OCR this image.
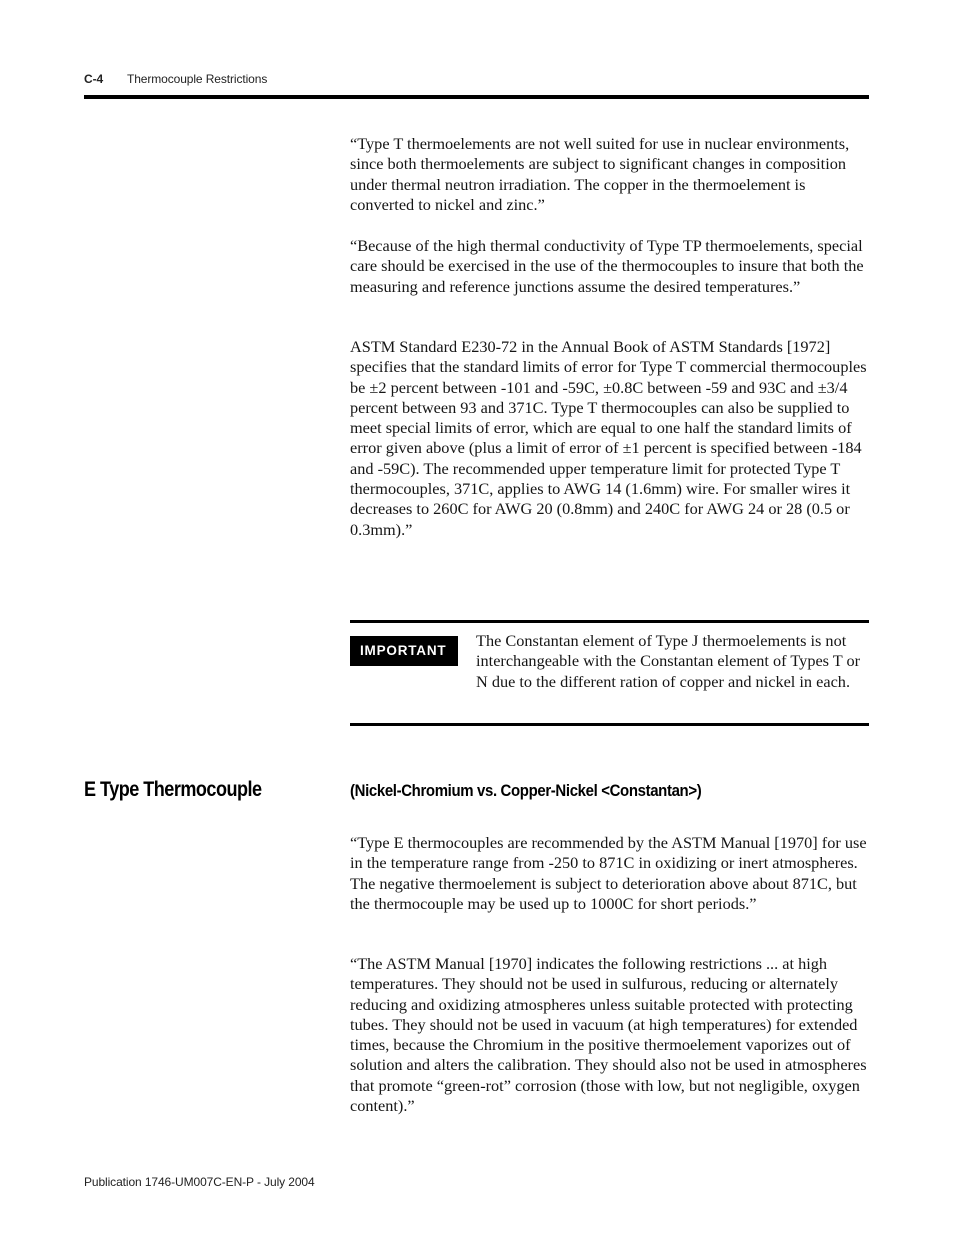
C-4 Thermocouple Restrictions

“Type T thermoelements are not well suited for use in nuclear environments, since both thermoelements are subject to significant changes in composition under thermal neutron irradiation. The copper in the thermoelement is converted to nickel and zinc.”

“Because of the high thermal conductivity of Type TP thermoelements, special care should be exercised in the use of the thermocouples to insure that both the measuring and reference junctions assume the desired temperatures.”

ASTM Standard E230-72 in the Annual Book of ASTM Standards [1972] specifies that the standard limits of error for Type T commercial thermocouples be ±2 percent between -101 and -59C, ±0.8C between -59 and 93C and ±3/4 percent between 93 and 371C. Type T thermocouples can also be supplied to meet special limits of error, which are equal to one half the standard limits of error given above (plus a limit of error of ±1 percent is specified between -184 and -59C). The recommended upper temperature limit for protected Type T thermocouples, 371C, applies to AWG 14 (1.6mm) wire. For smaller wires it decreases to 260C for AWG 20 (0.8mm) and 240C for AWG 24 or 28 (0.5 or 0.3mm).”

IMPORTANT

The Constantan element of Type J thermoelements is not interchangeable with the Constantan element of Types T or N due to the different ration of copper and nickel in each.

E Type Thermocouple	(Nickel-Chromium vs. Copper-Nickel <Constantan>)

“Type E thermocouples are recommended by the ASTM Manual [1970] for use in the temperature range from -250 to 871C in oxidizing or inert atmospheres. The negative thermoelement is subject to deterioration above about 871C, but the thermocouple may be used up to 1000C for short periods.”

“The ASTM Manual [1970] indicates the following restrictions ... at high temperatures. They should not be used in sulfurous, reducing or alternately reducing and oxidizing atmospheres unless suitable protected with protecting tubes. They should not be used in vacuum (at high temperatures) for extended times, because the Chromium in the positive thermoelement vaporizes out of solution and alters the calibration. They should also not be used in atmospheres that promote “green-rot” corrosion (those with low, but not negligible, oxygen content).”

Publication 1746-UM007C-EN-P - July 2004
